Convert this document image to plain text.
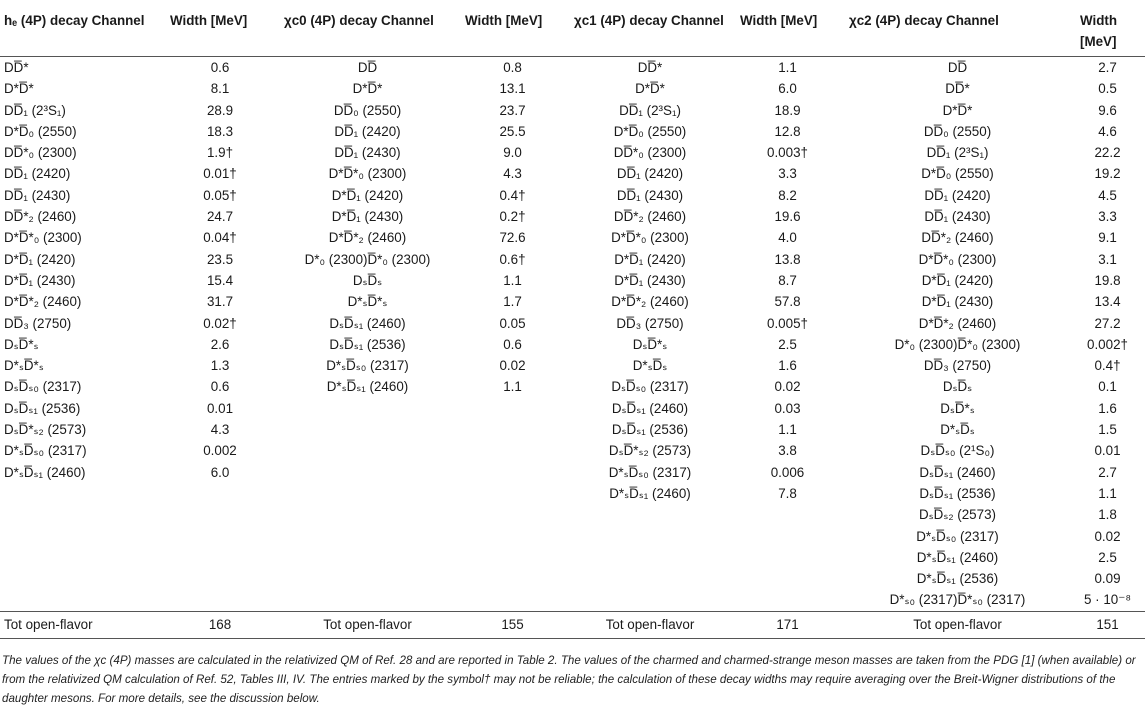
hₑ (4P) decay Channel	Width [MeV]	χc0 (4P) decay Channel	Width [MeV]	χc1 (4P) decay Channel	Width [MeV]	χc2 (4P) decay Channel	Width [MeV]
DD̅*	0.6	DD̅	0.8	DD̅*	1.1	DD̅	2.7
D*D̅*	8.1	D*D̅*	13.1	D*D̅*	6.0	DD̅*	0.5
DD̅₁ (2³S₁)	28.9	DD̅₀ (2550)	23.7	DD̅₁ (2³S₁)	18.9	D*D̅*	9.6
D*D̅₀ (2550)	18.3	DD̅₁ (2420)	25.5	D*D̅₀ (2550)	12.8	DD̅₀ (2550)	4.6
DD̅*₀ (2300)	1.9†	DD̅₁ (2430)	9.0	DD̅*₀ (2300)	0.003†	DD̅₁ (2³S₁)	22.2
DD̅₁ (2420)	0.01†	D*D̅*₀ (2300)	4.3	DD̅₁ (2420)	3.3	D*D̅₀ (2550)	19.2
DD̅₁ (2430)	0.05†	D*D̅₁ (2420)	0.4†	DD̅₁ (2430)	8.2	DD̅₁ (2420)	4.5
DD̅*₂ (2460)	24.7	D*D̅₁ (2430)	0.2†	DD̅*₂ (2460)	19.6	DD̅₁ (2430)	3.3
D*D̅*₀ (2300)	0.04†	D*D̅*₂ (2460)	72.6	D*D̅*₀ (2300)	4.0	DD̅*₂ (2460)	9.1
D*D̅₁ (2420)	23.5	D*₀ (2300)D̅*₀ (2300)	0.6†	D*D̅₁ (2420)	13.8	D*D̅*₀ (2300)	3.1
D*D̅₁ (2430)	15.4	DₛD̅ₛ	1.1	D*D̅₁ (2430)	8.7	D*D̅₁ (2420)	19.8
D*D̅*₂ (2460)	31.7	D*ₛD̅*ₛ	1.7	D*D̅*₂ (2460)	57.8	D*D̅₁ (2430)	13.4
DD̅₃ (2750)	0.02†	DₛD̅ₛ₁ (2460)	0.05	DD̅₃ (2750)	0.005†	D*D̅*₂ (2460)	27.2
DₛD̅*ₛ	2.6	DₛD̅ₛ₁ (2536)	0.6	DₛD̅*ₛ	2.5	D*₀ (2300)D̅*₀ (2300)	0.002†
D*ₛD̅*ₛ	1.3	D*ₛD̅ₛ₀ (2317)	0.02	D*ₛD̅ₛ	1.6	DD̅₃ (2750)	0.4†
DₛD̅ₛ₀ (2317)	0.6	D*ₛD̅ₛ₁ (2460)	1.1	DₛD̅ₛ₀ (2317)	0.02	DₛD̅ₛ	0.1
DₛD̅ₛ₁ (2536)	0.01			DₛD̅ₛ₁ (2460)	0.03	DₛD̅*ₛ	1.6
DₛD̅*ₛ₂ (2573)	4.3			DₛD̅ₛ₁ (2536)	1.1	D*ₛD̅ₛ	1.5
D*ₛD̅ₛ₀ (2317)	0.002			DₛD̅*ₛ₂ (2573)	3.8	DₛD̅ₛ₀ (2¹S₀)	0.01
D*ₛD̅ₛ₁ (2460)	6.0			D*ₛD̅ₛ₀ (2317)	0.006	DₛD̅ₛ₁ (2460)	2.7
				D*ₛD̅ₛ₁ (2460)	7.8	DₛD̅ₛ₁ (2536)	1.1
						DₛD̅ₛ₂ (2573)	1.8
						D*ₛD̅ₛ₀ (2317)	0.02
						D*ₛD̅ₛ₁ (2460)	2.5
						D*ₛD̅ₛ₁ (2536)	0.09
						D*ₛ₀ (2317)D̅*ₛ₀ (2317)	5 · 10⁻⁸
Tot open-flavor	168	Tot open-flavor	155	Tot open-flavor	171	Tot open-flavor	151
The values of the χc (4P) masses are calculated in the relativized QM of Ref. 28 and are reported in Table 2. The values of the charmed and charmed-strange meson masses are taken from the PDG [1] (when available) or from the relativized QM calculation of Ref. 52, Tables III, IV. The entries marked by the symbol† may not be reliable; the calculation of these decay widths may require averaging over the Breit-Wigner distributions of the daughter mesons. For more details, see the discussion below.
